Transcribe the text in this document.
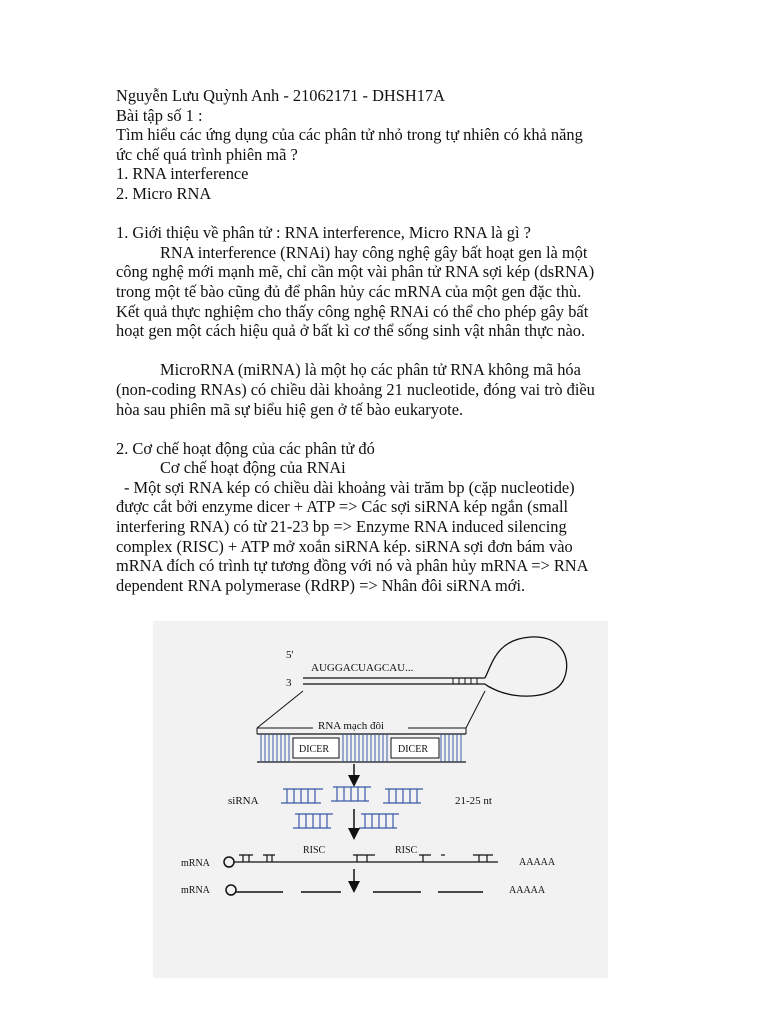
Nguyễn Lưu Quỳnh Anh - 21062171 - DHSH17A
Bài tập số 1 :
Tìm hiểu các ứng dụng của các phân tử nhỏ trong tự nhiên có khả năng
ức chế quá trình phiên mã ?
1. RNA interference
2. Micro RNA
1. Giới thiệu về phân tử : RNA interference, Micro RNA là gì ?
RNA interference (RNAi) hay công nghệ gây bất hoạt gen là một
công nghệ mới mạnh mẽ, chỉ cần một vài phân tử RNA sợi kép (dsRNA)
trong một tế bào cũng đủ để phân hủy các mRNA của một gen đặc thù.
Kết quả thực nghiệm cho thấy công nghệ RNAi có thể cho phép gây bất
hoạt gen một cách hiệu quả ở bất kì cơ thể sống sinh vật nhân thực nào.
MicroRNA (miRNA) là một họ các phân tử RNA không mã hóa
(non-coding RNAs) có chiều dài khoảng 21 nucleotide, đóng vai trò điều
hòa sau phiên mã sự biểu hiệ gen ở tế bào eukaryote.
2. Cơ chế hoạt động của các phân tử đó
Cơ chế hoạt động của RNAi
- Một sợi RNA kép có chiều dài khoảng vài trăm bp (cặp nucleotide)
được cắt bởi enzyme dicer + ATP => Các sợi siRNA kép ngắn (small
interfering RNA) có từ 21-23 bp => Enzyme RNA induced silencing
complex (RISC) + ATP mở xoắn siRNA kép. siRNA sợi đơn bám vào
mRNA đích có trình tự tương đồng với nó và phân hủy mRNA => RNA
dependent RNA polymerase (RdRP) => Nhân đôi siRNA mới.
5'
3
AUGGACUAGCAU...
RNA mạch đôi
DICER	DICER
siRNA	21-25 nt
RISC	RISC
mRNA	AAAAA
mRNA	AAAAA
